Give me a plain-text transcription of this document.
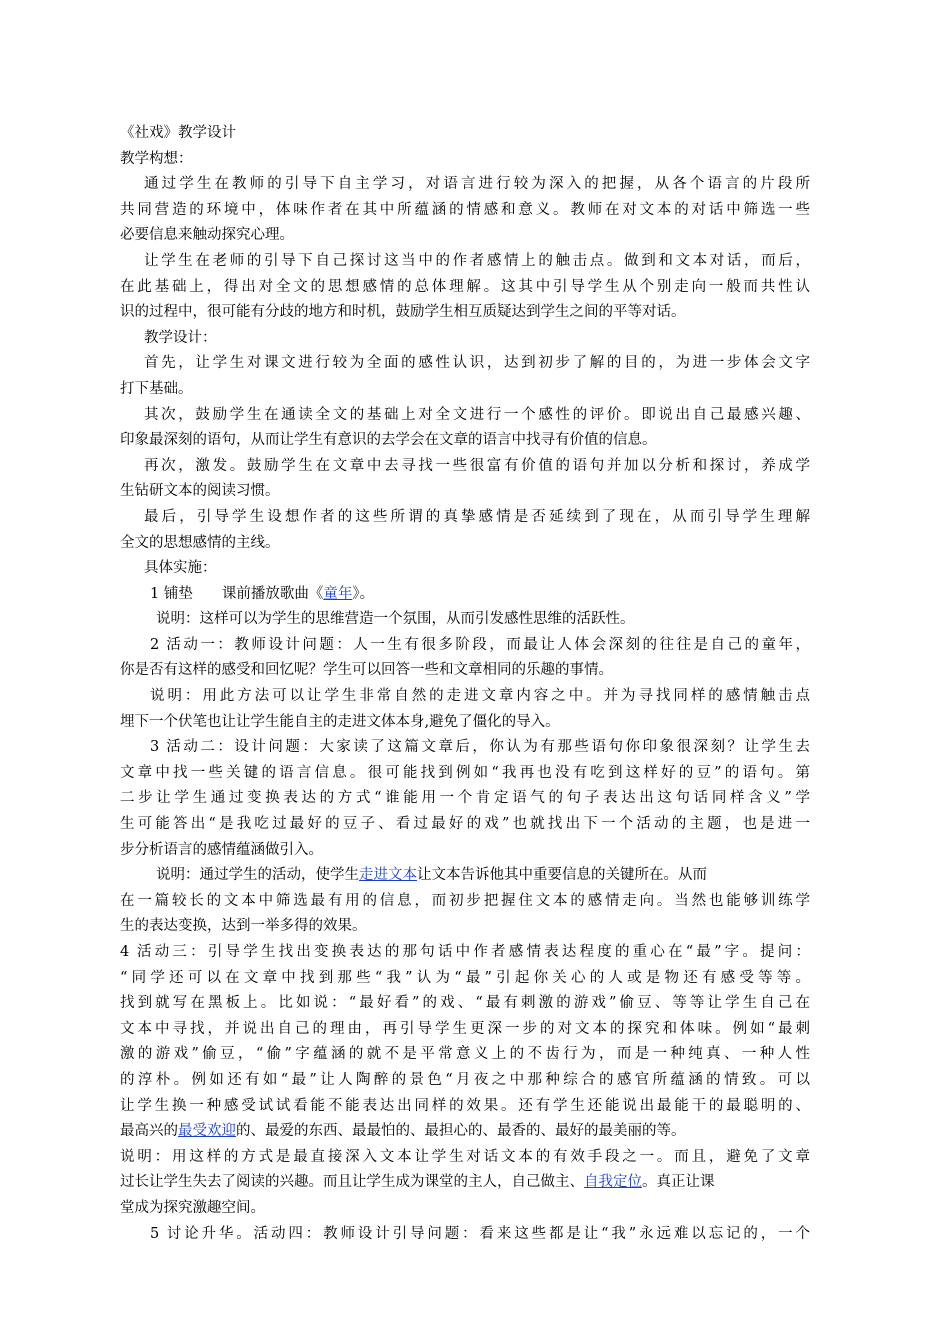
《社戏》教学设计
教学构想：
通过学生在教师的引导下自主学习，对语言进行较为深入的把握，从各个语言的片段所
共同营造的环境中，体味作者在其中所蕴涵的情感和意义。教师在对文本的对话中筛选一些
必要信息来触动探究心理。
让学生在老师的引导下自己探讨这当中的作者感情上的触击点。做到和文本对话，而后，
在此基础上，得出对全文的思想感情的总体理解。这其中引导学生从个别走向一般而共性认
识的过程中，很可能有分歧的地方和时机，鼓励学生相互质疑达到学生之间的平等对话。
教学设计：
首先，让学生对课文进行较为全面的感性认识，达到初步了解的目的，为进一步体会文字
打下基础。
其次，鼓励学生在通读全文的基础上对全文进行一个感性的评价。即说出自己最感兴趣、
印象最深刻的语句，从而让学生有意识的去学会在文章的语言中找寻有价值的信息。
再次，激发。鼓励学生在文章中去寻找一些很富有价值的语句并加以分析和探讨，养成学
生钻研文本的阅读习惯。
最后，引导学生设想作者的这些所谓的真挚感情是否延续到了现在，从而引导学生理解
全文的思想感情的主线。
具体实施：
1 铺垫　　课前播放歌曲《童年》。
说明：这样可以为学生的思维营造一个氛围，从而引发感性思维的活跃性。
2 活动一：教师设计问题：人一生有很多阶段，而最让人体会深刻的往往是自己的童年，
你是否有这样的感受和回忆呢？学生可以回答一些和文章相同的乐趣的事情。
说明：用此方法可以让学生非常自然的走进文章内容之中。并为寻找同样的感情触击点
埋下一个伏笔也让让学生能自主的走进文体本身,避免了僵化的导入。
3 活动二：设计问题：大家读了这篇文章后，你认为有那些语句你印象很深刻？让学生去
文章中找一些关键的语言信息。很可能找到例如“我再也没有吃到这样好的豆”的语句。第
二步让学生通过变换表达的方式“谁能用一个肯定语气的句子表达出这句话同样含义”学
生可能答出“是我吃过最好的豆子、看过最好的戏”也就找出下一个活动的主题，也是进一
步分析语言的感情蕴涵做引入。
说明：通过学生的活动，使学生走进文本让文本告诉他其中重要信息的关键所在。从而
在一篇较长的文本中筛选最有用的信息，而初步把握住文本的感情走向。当然也能够训练学
生的表达变换，达到一举多得的效果。
4 活动三：引导学生找出变换表达的那句话中作者感情表达程度的重心在“最”字。提问：
“同学还可以在文章中找到那些“我”认为“最”引起你关心的人或是物还有感受等等。
找到就写在黑板上。比如说：“最好看”的戏、“最有刺激的游戏”偷豆、等等让学生自己在
文本中寻找，并说出自己的理由，再引导学生更深一步的对文本的探究和体味。例如“最刺
激的游戏”偷豆，“偷”字蕴涵的就不是平常意义上的不齿行为，而是一种纯真、一种人性
的淳朴。例如还有如“最”让人陶醉的景色“月夜之中那种综合的感官所蕴涵的情致。可以
让学生换一种感受试试看能不能表达出同样的效果。还有学生还能说出最能干的最聪明的、
最高兴的最受欢迎的、最爱的东西、最最怕的、最担心的、最香的、最好的最美丽的等。
说明：用这样的方式是最直接深入文本让学生对话文本的有效手段之一。而且，避免了文章
过长让学生失去了阅读的兴趣。而且让学生成为课堂的主人，自己做主、自我定位。真正让课
堂成为探究激趣空间。
5 讨论升华。活动四：教师设计引导问题：看来这些都是让“我”永远难以忘记的，一个
